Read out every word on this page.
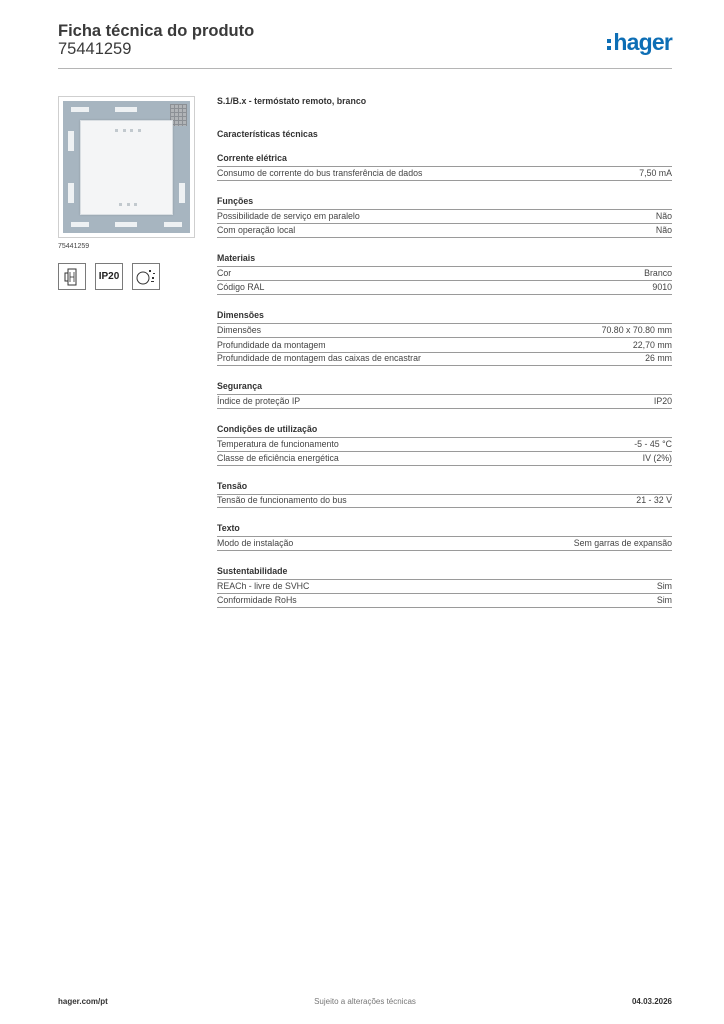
Ficha técnica do produto
75441259	hager
75441259
IP20
S.1/B.x - termóstato remoto, branco
Características técnicas
Corrente elétrica
Consumo de corrente do bus transferência de dados	7,50 mA
Funções
Possibilidade de serviço em paralelo	Não
Com operação local	Não
Materiais
Cor	Branco
Código RAL	9010
Dimensões
Dimensões	70.80 x 70.80 mm
Profundidade da montagem	22,70 mm
Profundidade de montagem das caixas de encastrar	26 mm
Segurança
Índice de proteção IP	IP20
Condições de utilização
Temperatura de funcionamento	-5 - 45 °C
Classe de eficiência energética	IV (2%)
Tensão
Tensão de funcionamento do bus	21 - 32 V
Texto
Modo de instalação	Sem garras de expansão
Sustentabilidade
REACh - livre de SVHC	Sim
Conformidade RoHs	Sim
hager.com/pt	Sujeito a alterações técnicas	04.03.2026
